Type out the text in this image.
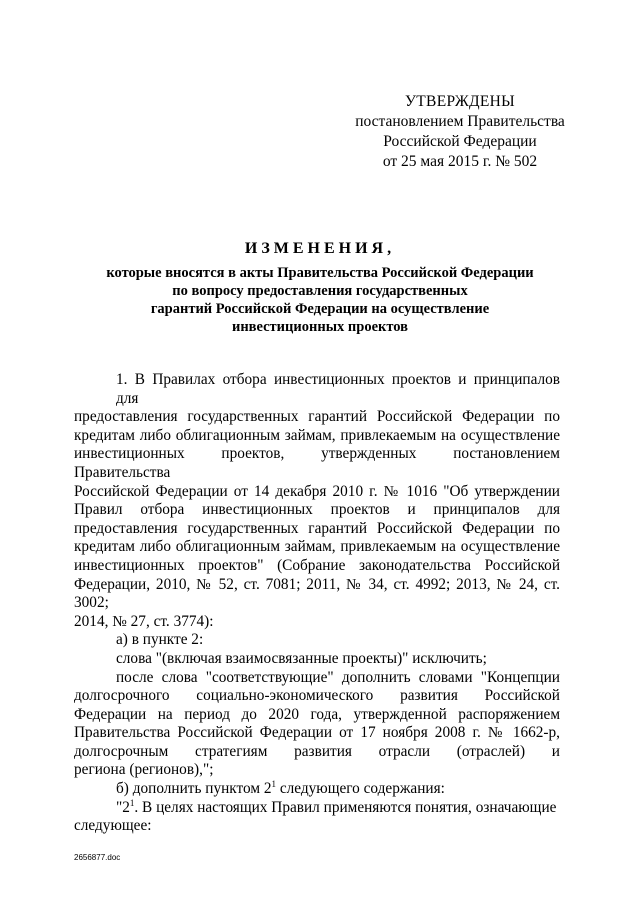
УТВЕРЖДЕНЫ
постановлением Правительства
Российской Федерации
от 25 мая 2015 г. № 502
ИЗМЕНЕНИЯ,
которые вносятся в акты Правительства Российской Федерации
по вопросу предоставления государственных
гарантий Российской Федерации на осуществление
инвестиционных проектов
1. В Правилах отбора инвестиционных проектов и принципалов для
предоставления государственных гарантий Российской Федерации по
кредитам либо облигационным займам, привлекаемым на осуществление
инвестиционных проектов, утвержденных постановлением Правительства
Российской Федерации от 14 декабря 2010 г. № 1016 "Об утверждении
Правил отбора инвестиционных проектов и принципалов для
предоставления государственных гарантий Российской Федерации по
кредитам либо облигационным займам, привлекаемым на осуществление
инвестиционных проектов" (Собрание законодательства Российской
Федерации, 2010, № 52, ст. 7081; 2011, № 34, ст. 4992; 2013, № 24, ст. 3002;
2014, № 27, ст. 3774):
а) в пункте 2:
слова "(включая взаимосвязанные проекты)" исключить;
после слова "соответствующие" дополнить словами "Концепции
долгосрочного социально-экономического развития Российской
Федерации на период до 2020 года, утвержденной распоряжением
Правительства Российской Федерации от 17 ноября 2008 г. № 1662-р,
долгосрочным стратегиям развития отрасли (отраслей) и
региона (регионов),";
б) дополнить пунктом $2^1$ следующего содержания:
"$2^1$. В целях настоящих Правил применяются понятия, означающие
следующее:
2656877.doc
